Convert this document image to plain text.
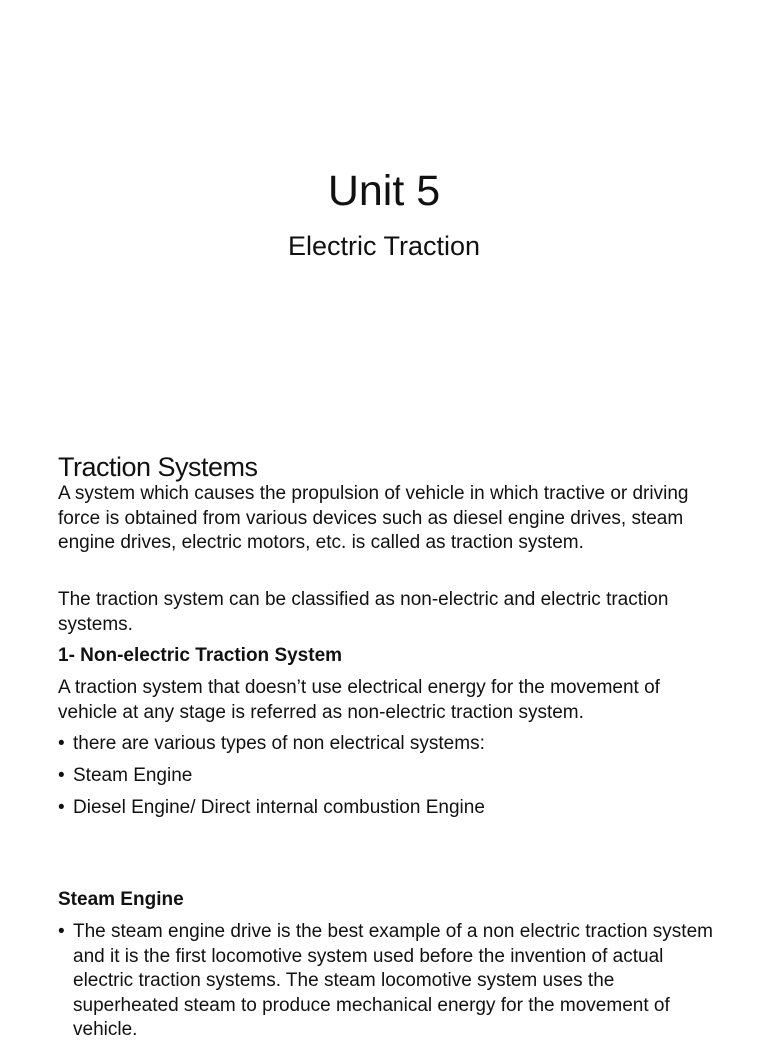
Unit 5

Electric Traction

Traction Systems

A system which causes the propulsion of vehicle in which tractive or driving force is obtained from various devices such as diesel engine drives, steam engine drives, electric motors, etc. is called as traction system.

The traction system can be classified as non-electric and electric traction systems.

1- Non-electric Traction System

A traction system that doesn’t use electrical energy for the movement of vehicle at any stage is referred as non-electric traction system.

• there are various types of non electrical systems:

• Steam Engine

• Diesel Engine/ Direct internal combustion Engine

Steam Engine

• The steam engine drive is the best example of a non electric traction system and it is the first locomotive system used before the invention of actual electric traction systems. The steam locomotive system uses the superheated steam to produce mechanical energy for the movement of vehicle.
